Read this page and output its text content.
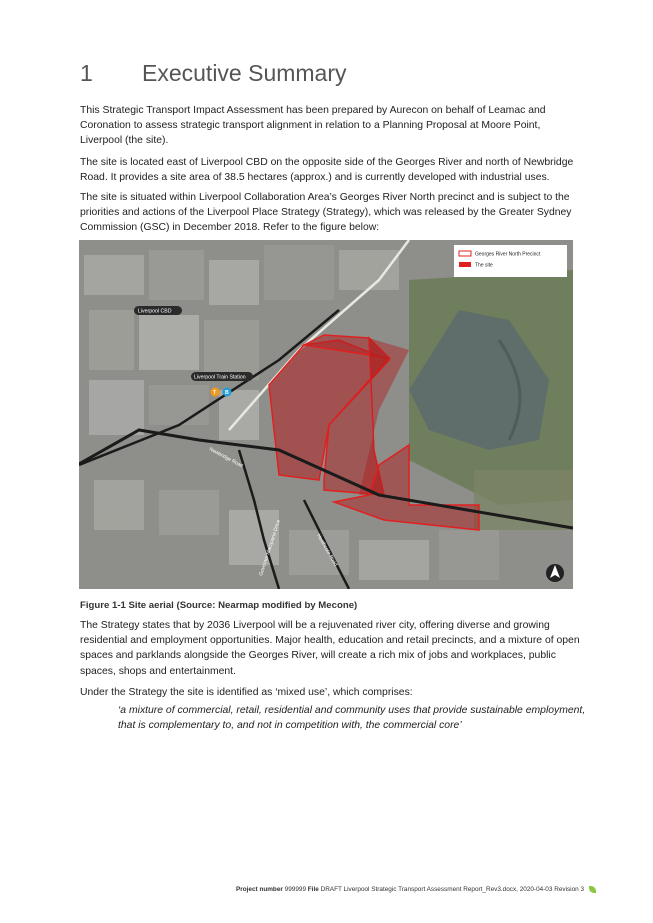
1 Executive Summary

This Strategic Transport Impact Assessment has been prepared by Aurecon on behalf of Leamac and Coronation to assess strategic transport alignment in relation to a Planning Proposal at Moore Point, Liverpool (the site).

The site is located east of Liverpool CBD on the opposite side of the Georges River and north of Newbridge Road. It provides a site area of 38.5 hectares (approx.) and is currently developed with industrial uses.

The site is situated within Liverpool Collaboration Area’s Georges River North precinct and is subject to the priorities and actions of the Liverpool Place Strategy (Strategy), which was released by the Greater Sydney Commission (GSC) in December 2018. Refer to the figure below:

Georges River North Precinct
The site
Liverpool CBD
Liverpool Train Station
T B
Newbridge Road
Governor Macquarie Drive	Heathcote Road
Figure 1-1 Site aerial (Source: Nearmap modified by Mecone)

The Strategy states that by 2036 Liverpool will be a rejuvenated river city, offering diverse and growing residential and employment opportunities. Major health, education and retail precincts, and a mixture of open spaces and parklands alongside the Georges River, will create a rich mix of jobs and workplaces, public spaces, shops and entertainment.

Under the Strategy the site is identified as ‘mixed use’, which comprises:

‘a mixture of commercial, retail, residential and community uses that provide sustainable employment, that is complementary to, and not in competition with, the commercial core’

Project number 999999 File DRAFT Liverpool Strategic Transport Assessment Report_Rev3.docx, 2020-04-03 Revision 3
